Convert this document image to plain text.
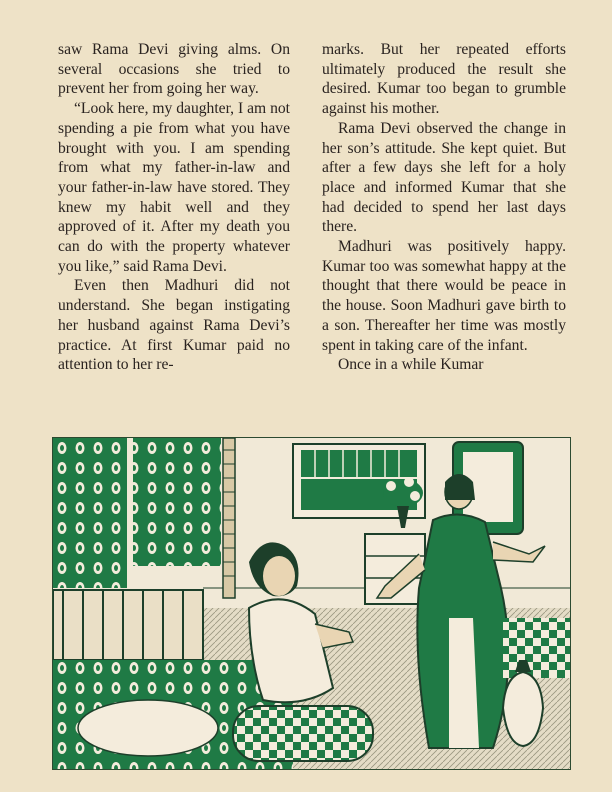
saw Rama Devi giving alms. On several occasions she tried to prevent her from going her way.

“Look here, my daughter, I am not spending a pie from what you have brought with you. I am spending from what my father-in-law and your father-in-law have stored. They knew my habit well and they approved of it. After my death you can do with the property whatever you like,” said Rama Devi.

Even then Madhuri did not understand. She began instigating her husband against Rama Devi’s practice. At first Kumar paid no attention to her re-

marks. But her repeated efforts ultimately produced the result she desired. Kumar too began to grumble against his mother.

Rama Devi observed the change in her son’s attitude. She kept quiet. But after a few days she left for a holy place and informed Kumar that she had decided to spend her last days there.

Madhuri was positively happy. Kumar too was somewhat happy at the thought that there would be peace in the house. Soon Madhuri gave birth to a son. Thereafter her time was mostly spent in taking care of the infant.

Once in a while Kumar
